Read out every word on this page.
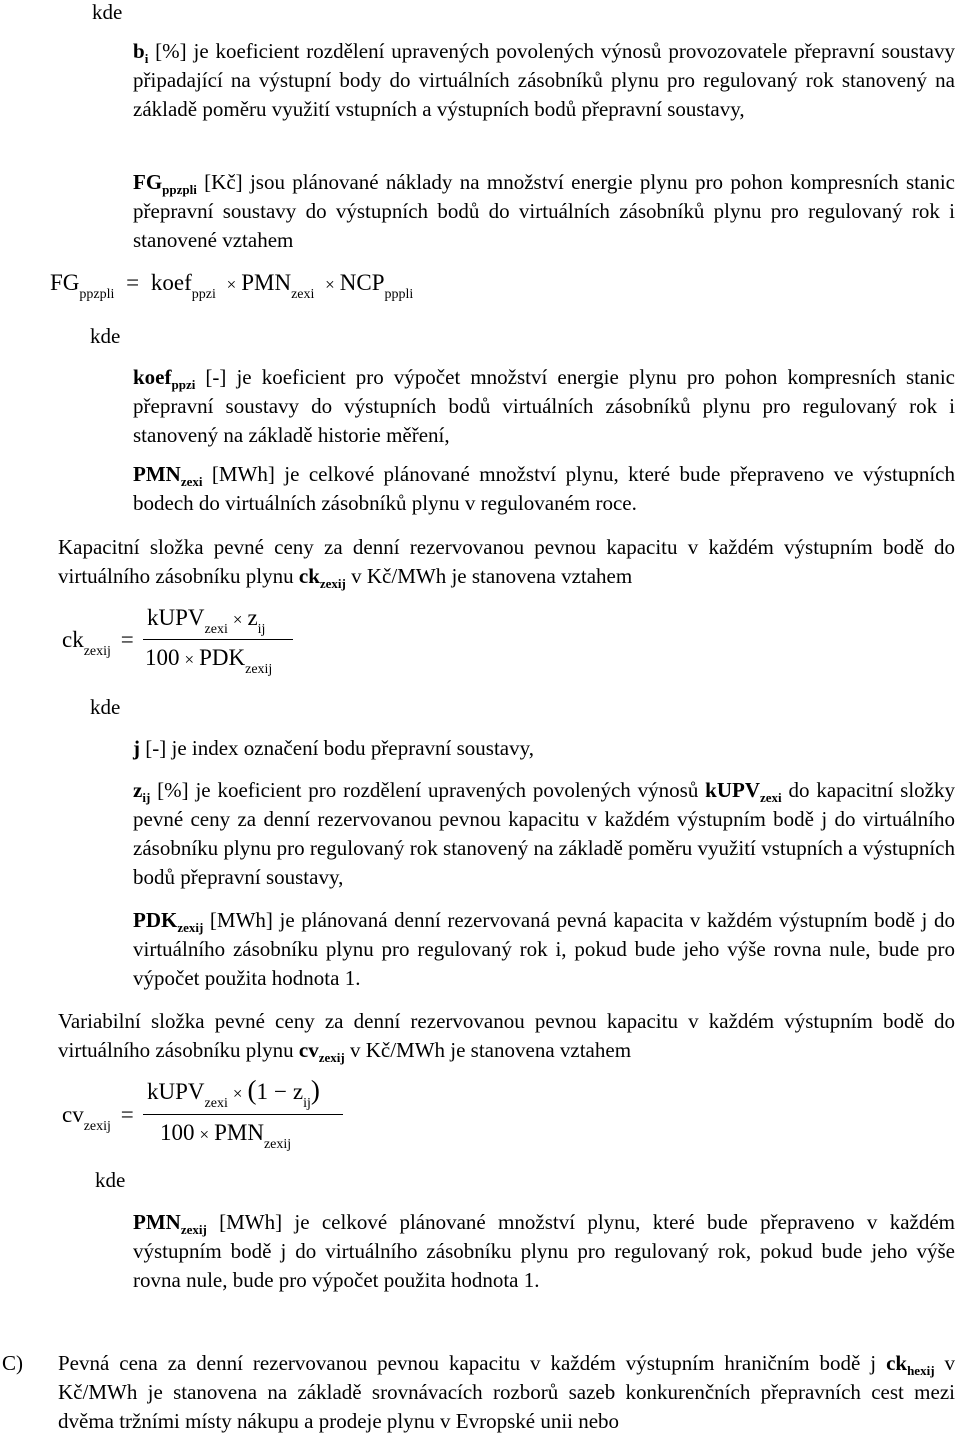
kde
$b_i$ [%] je koeficient rozdělení upravených povolených výnosů provozovatele přepravní soustavy připadající na výstupní body do virtuálních zásobníků plynu pro regulovaný rok stanovený na základě poměru využití vstupních a výstupních bodů přepravní soustavy,
$FG_{ppzpli}$ [Kč] jsou plánované náklady na množství energie plynu pro pohon kompresních stanic přepravní soustavy do výstupních bodů do virtuálních zásobníků plynu pro regulovaný rok i stanovené vztahem
$FG_{ppzpli}$ = koef$_{ppzi}$ × $PMN_{zexi} \times NCP_{pppli}$
kde
koef$_{ppzi}$ [-] je koeficient pro výpočet množství energie plynu pro pohon kompresních stanic přepravní soustavy do výstupních bodů virtuálních zásobníků plynu pro regulovaný rok i stanovený na základě historie měření,
$PMN_{zexi}$ [MWh] je celkové plánované množství plynu, které bude přepraveno ve výstupních bodech do virtuálních zásobníků plynu v regulovaném roce.
Kapacitní složka pevné ceny za denní rezervovanou pevnou kapacitu v každém výstupním bodě do virtuálního zásobníku plynu $ck_{zexij}$ v Kč/MWh je stanovena vztahem
$ck_{zexij}$ =
kUPV$_{zexi}$× $z_{ij}$
$100 \times PDK_{zexij}$
kde
j [-] je index označení bodu přepravní soustavy,
$z_{ij}$ [%] je koeficient pro rozdělení upravených povolených výnosů kUPV$_{zexi}$ do kapacitní složky pevné ceny za denní rezervovanou pevnou kapacitu v každém výstupním bodě j do virtuálního zásobníku plynu pro regulovaný rok stanovený na základě poměru využití vstupních a výstupních bodů přepravní soustavy,
$PDK_{zexij}$ [MWh] je plánovaná denní rezervovaná pevná kapacita v každém výstupním bodě j do virtuálního zásobníku plynu pro regulovaný rok i, pokud bude jeho výše rovna nule, bude pro výpočet použita hodnota 1.
Variabilní složka pevné ceny za denní rezervovanou pevnou kapacitu v každém výstupním bodě do virtuálního zásobníku plynu $cv_{zexij}$ v Kč/MWh je stanovena vztahem
$cv_{zexij}$ =
kUPV$_{zexi}$× $(1 - z_{ij})$
$100 \times PMN_{zexij}$
kde
$PMN_{zexij}$ [MWh] je celkové plánované množství plynu, které bude přepraveno v každém výstupním bodě j do virtuálního zásobníku plynu pro regulovaný rok, pokud bude jeho výše rovna nule, bude pro výpočet použita hodnota 1.
C) Pevná cena za denní rezervovanou pevnou kapacitu v každém výstupním hraničním bodě j $ck_{hexij}$ v Kč/MWh je stanovena na základě srovnávacích rozborů sazeb konkurenčních přepravních cest mezi dvěma tržními místy nákupu a prodeje plynu v Evropské unii nebo
